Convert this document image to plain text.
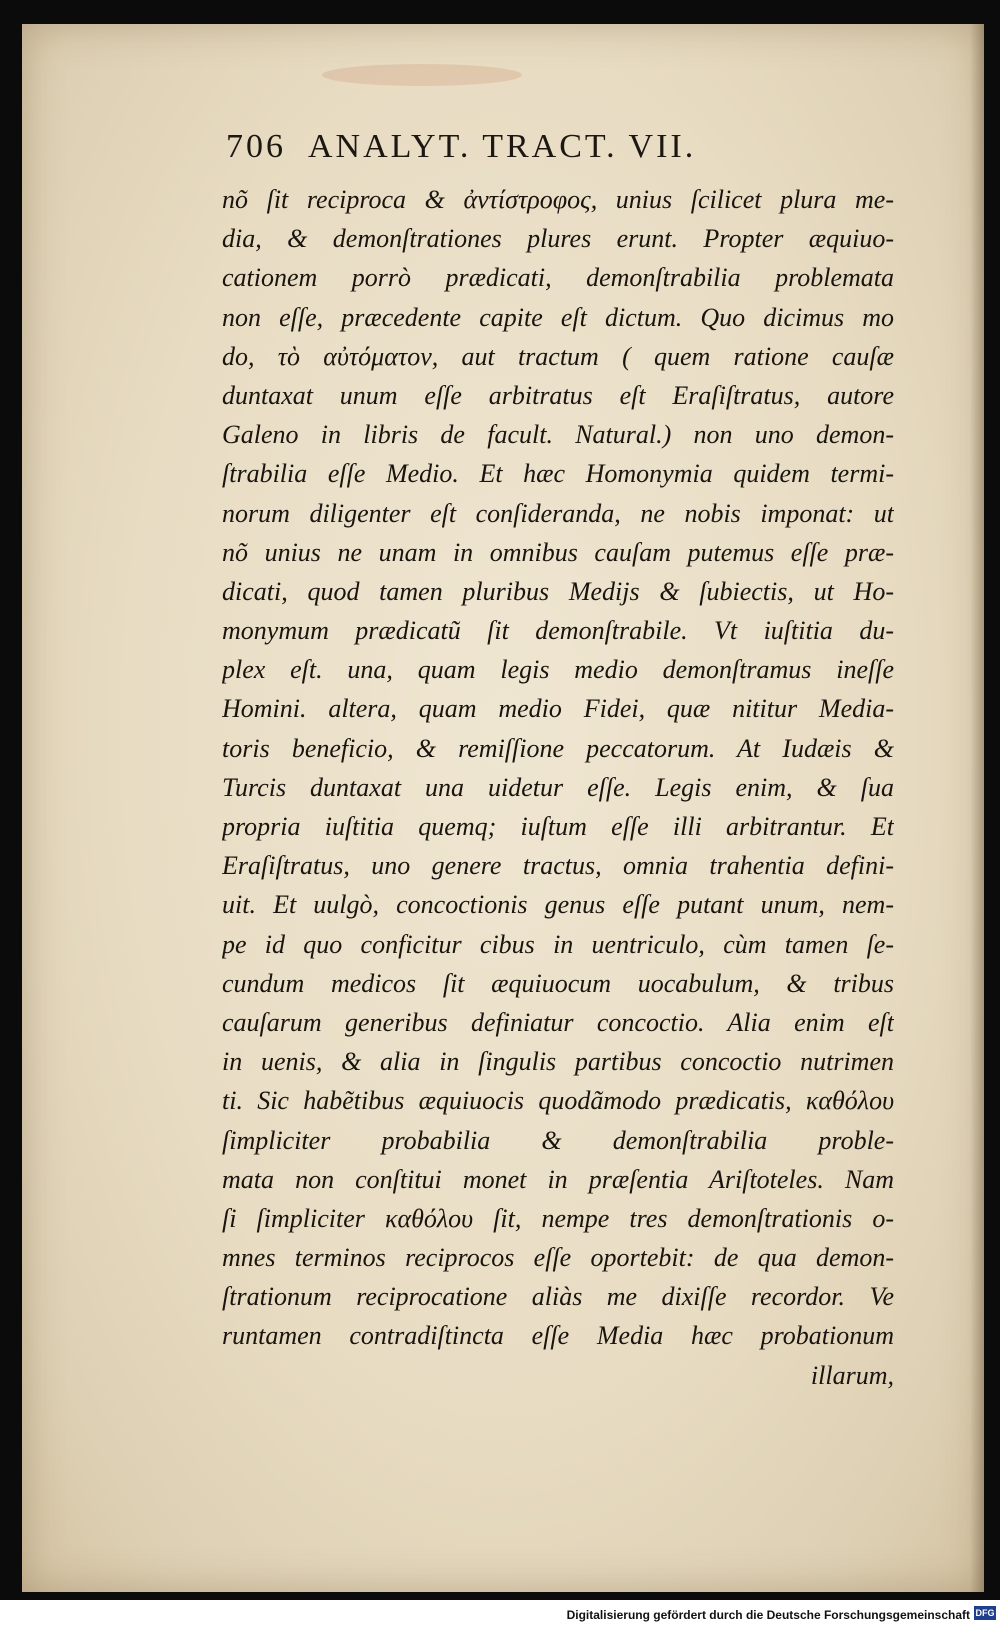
706 ANALYT. TRACT. VII.
nõ ſit reciproca & ἀντίστροφος, unius ſcilicet plura me-
dia, & demonſtrationes plures erunt. Propter æquiuo-
cationem porrò prædicati, demonſtrabilia problemata
non eſſe, præcedente capite eſt dictum. Quo dicimus mo
do, τὸ αὐτόματον, aut tractum ( quem ratione cauſæ
duntaxat unum eſſe arbitratus eſt Eraſiſtratus, autore
Galeno in libris de facult. Natural.) non uno demon-
ſtrabilia eſſe Medio. Et hæc Homonymia quidem termi-
norum diligenter eſt conſideranda, ne nobis imponat: ut
nõ unius ne unam in omnibus cauſam putemus eſſe præ-
dicati, quod tamen pluribus Medijs & ſubiectis, ut Ho-
monymum prædicatũ ſit demonſtrabile. Vt iuſtitia du-
plex eſt. una, quam legis medio demonſtramus ineſſe
Homini. altera, quam medio Fidei, quæ nititur Media-
toris beneficio, & remiſſione peccatorum. At Iudæis &
Turcis duntaxat una uidetur eſſe. Legis enim, & ſua
propria iuſtitia quemq; iuſtum eſſe illi arbitrantur. Et
Eraſiſtratus, uno genere tractus, omnia trahentia defini-
uit. Et uulgò, concoctionis genus eſſe putant unum, nem-
pe id quo conficitur cibus in uentriculo, cùm tamen ſe-
cundum medicos ſit æquiuocum uocabulum, & tribus
cauſarum generibus definiatur concoctio. Alia enim eſt
in uenis, & alia in ſingulis partibus concoctio nutrimen
ti. Sic habẽtibus æquiuocis quodãmodo prædicatis, καθόλου
ſimpliciter probabilia & demonſtrabilia proble-
mata non conſtitui monet in præſentia Ariſtoteles. Nam
ſi ſimpliciter καθόλου ſit, nempe tres demonſtrationis o-
mnes terminos reciprocos eſſe oportebit: de qua demon-
ſtrationum reciprocatione aliàs me dixiſſe recordor. Ve
runtamen contradiſtincta eſſe Media hæc probationum
illarum,
Digitalisierung gefördert durch die Deutsche Forschungsgemeinschaft DFG
